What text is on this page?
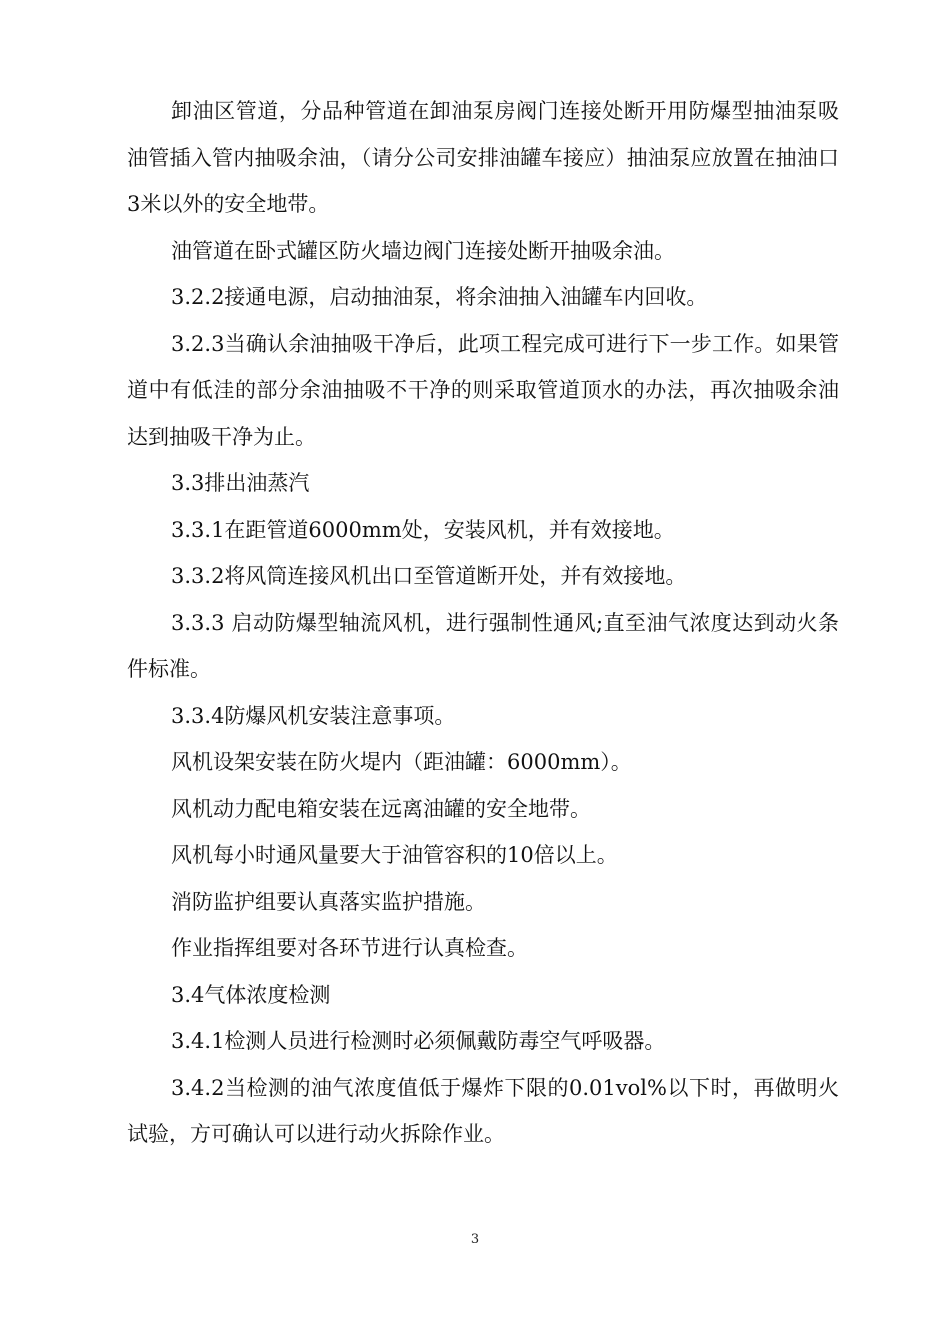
卸油区管道，分品种管道在卸油泵房阀门连接处断开用防爆型抽油泵吸油管插入管内抽吸余油，（请分公司安排油罐车接应）抽油泵应放置在抽油口3米以外的安全地带。

油管道在卧式罐区防火墙边阀门连接处断开抽吸余油。

3.2.2接通电源，启动抽油泵，将余油抽入油罐车内回收。

3.2.3当确认余油抽吸干净后，此项工程完成可进行下一步工作。如果管道中有低洼的部分余油抽吸不干净的则采取管道顶水的办法，再次抽吸余油达到抽吸干净为止。

3.3排出油蒸汽

3.3.1在距管道6000mm处，安装风机，并有效接地。

3.3.2将风筒连接风机出口至管道断开处，并有效接地。

3.3.3 启动防爆型轴流风机，进行强制性通风;直至油气浓度达到动火条件标准。

3.3.4防爆风机安装注意事项。

风机设架安装在防火堤内（距油罐：6000mm）。

风机动力配电箱安装在远离油罐的安全地带。

风机每小时通风量要大于油管容积的10倍以上。

消防监护组要认真落实监护措施。

作业指挥组要对各环节进行认真检查。

3.4气体浓度检测

3.4.1检测人员进行检测时必须佩戴防毒空气呼吸器。

3.4.2当检测的油气浓度值低于爆炸下限的0.01vol%以下时，再做明火试验，方可确认可以进行动火拆除作业。

3
